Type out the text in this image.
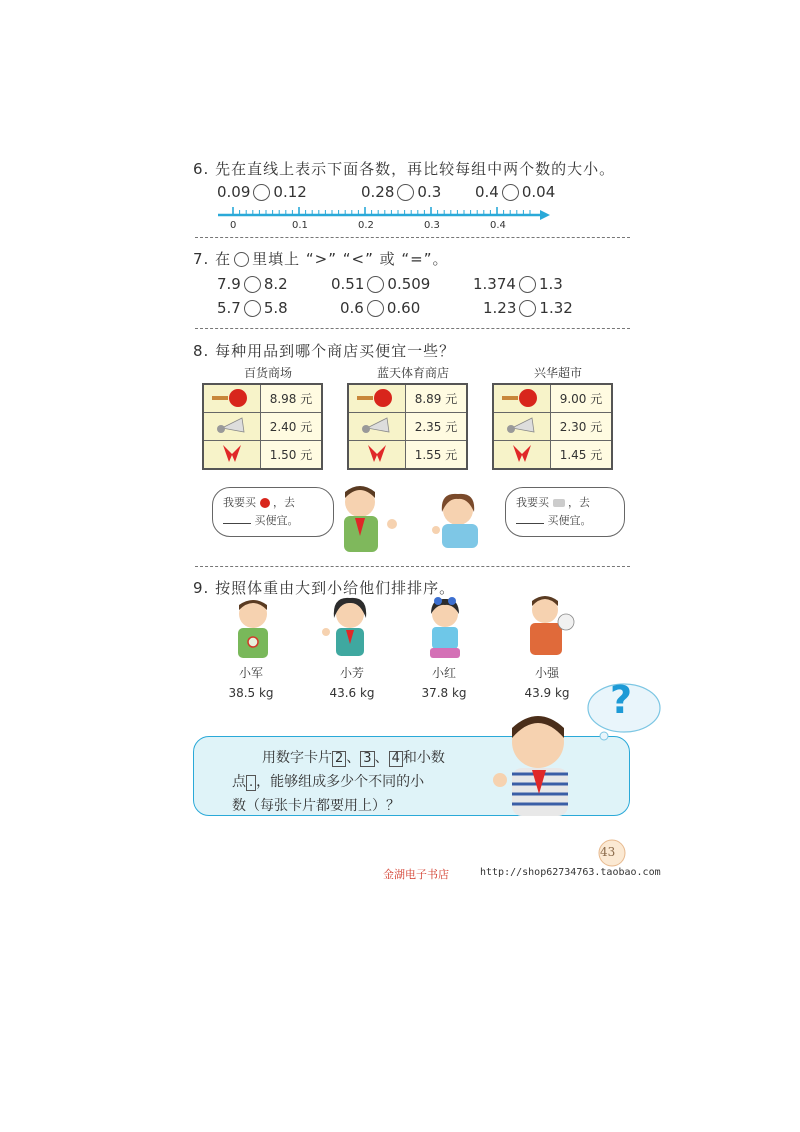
6. 先在直线上表示下面各数，再比较每组中两个数的大小。
0.09 0.12	0.28 0.3 0.4 0.04
0	0.1	0.2	0.3	0.4
7. 在 里填上 “>” “<” 或 “=”。
7.9 8.2	0.51 0.509	1.374 1.3
5.7 5.8	0.6 0.60	1.23 1.32
8. 每种用品到哪个商店买便宜一些？
百货商场	蓝天体育商店	兴华超市
	8.98 元
	2.40 元
	1.50 元
	8.89 元
	2.35 元
	1.55 元
	9.00 元
	2.30 元
	1.45 元
我要买 ，去
买便宜。
我要买 ，去
买便宜。
9. 按照体重由大到小给他们排排序。
小军	小芳	小红	小强
38.5 kg	43.6 kg	37.8 kg	43.9 kg
用数字卡片 2 、 3 、 4 和小数
点 . ，能够组成多少个不同的小
数（每张卡片都要用上）？
?
43
金湖电子书店	http://shop62734763.taobao.com
